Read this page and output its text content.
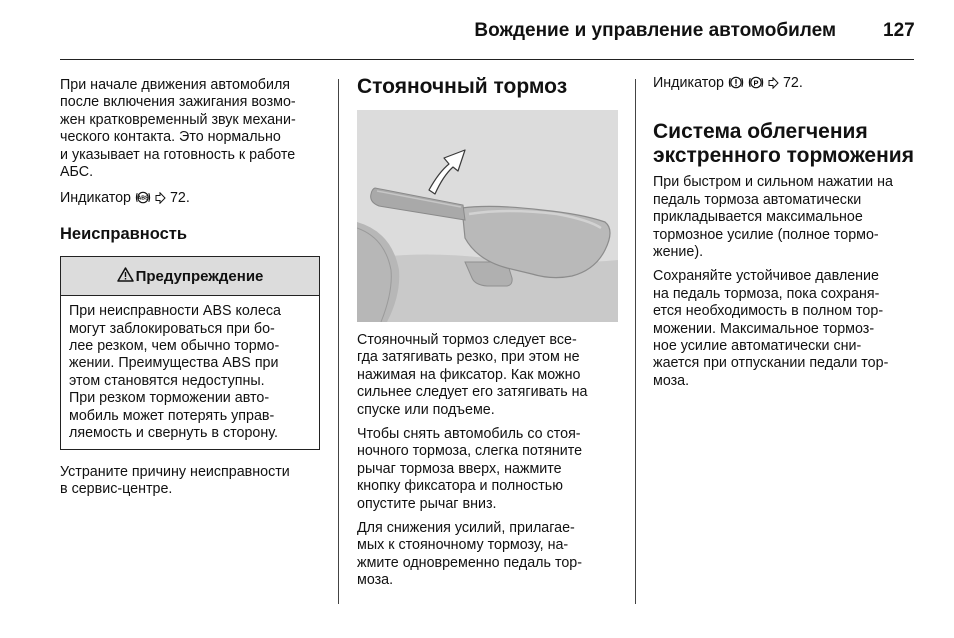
Вождение и управление автомобилем 127

При начале движения автомобиля
после включения зажигания возмо-
жен кратковременный звук механи-
ческого контакта. Это нормально
и указывает на готовность к работе
АБС.

Индикатор ABS 72.

Неисправность
Предупреждение
При неисправности ABS колеса
могут заблокироваться при бо-
лее резком, чем обычно тормо-
жении. Преимущества ABS при
этом становятся недоступны.
При резком торможении авто-
мобиль может потерять управ-
ляемость и свернуть в сторону.

Устраните причину неисправности
в сервис-центре.

Стояночный тормоз

Стояночный тормоз следует все-
гда затягивать резко, при этом не
нажимая на фиксатор. Как можно
сильнее следует его затягивать на
спуске или подъеме.

Чтобы снять автомобиль со стоя-
ночного тормоза, слегка потяните
рычаг тормоза вверх, нажмите
кнопку фиксатора и полностью
опустите рычаг вниз.

Для снижения усилий, прилагае-
мых к стояночному тормозу, на-
жмите одновременно педаль тор-
моза.

Индикатор	P 72.

Система облегчения
экстренного торможения

При быстром и сильном нажатии на
педаль тормоза автоматически
прикладывается максимальное
тормозное усилие (полное тормо-
жение).

Сохраняйте устойчивое давление
на педаль тормоза, пока сохраня-
ется необходимость в полном тор-
можении. Максимальное тормоз-
ное усилие автоматически сни-
жается при отпускании педали тор-
моза.
